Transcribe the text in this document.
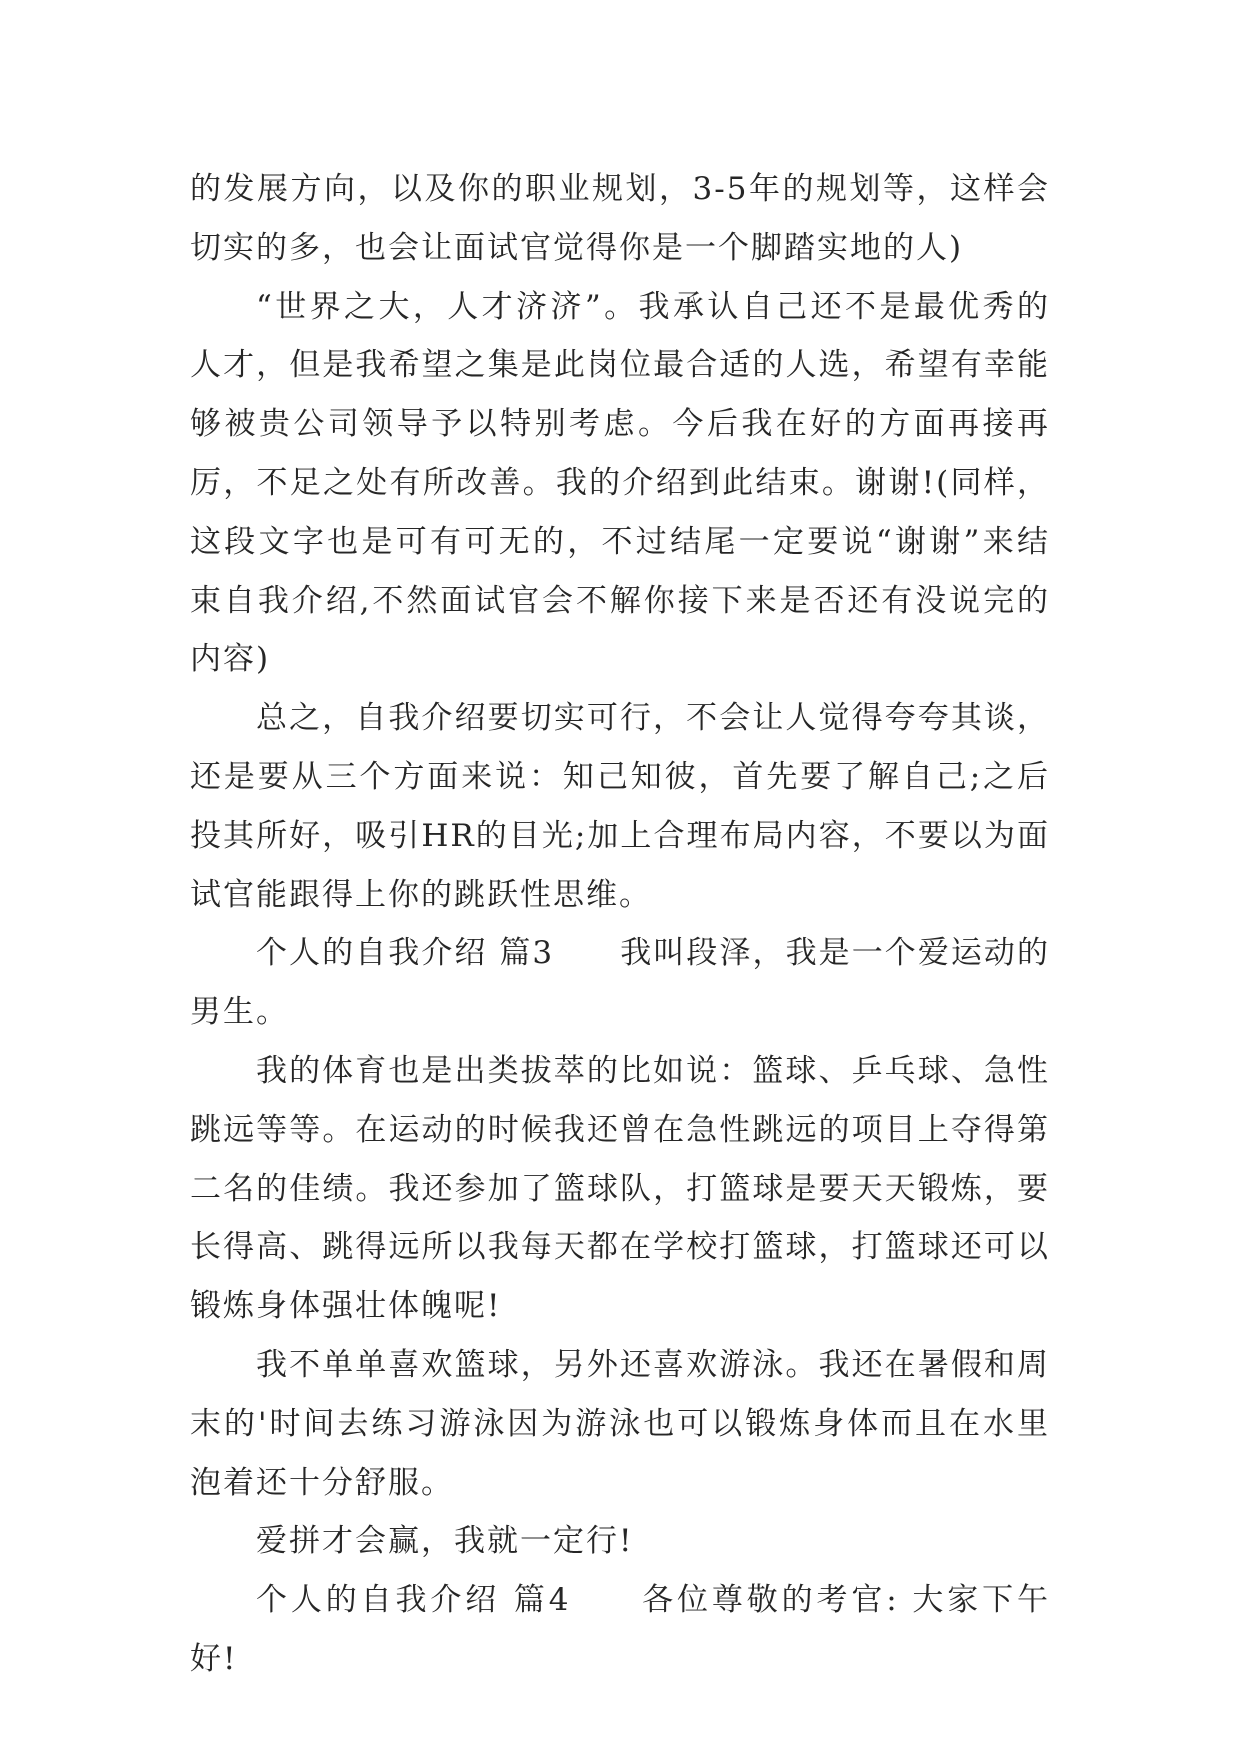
的发展方向，以及你的职业规划，3-5年的规划等，这样会切实的多，也会让面试官觉得你是一个脚踏实地的人)

“世界之大，人才济济”。我承认自己还不是最优秀的人才，但是我希望之集是此岗位最合适的人选，希望有幸能够被贵公司领导予以特别考虑。今后我在好的方面再接再厉，不足之处有所改善。我的介绍到此结束。谢谢!(同样，这段文字也是可有可无的，不过结尾一定要说“谢谢”来结束自我介绍,不然面试官会不解你接下来是否还有没说完的内容)

总之，自我介绍要切实可行，不会让人觉得夸夸其谈，还是要从三个方面来说：知己知彼，首先要了解自己;之后投其所好，吸引HR的目光;加上合理布局内容，不要以为面试官能跟得上你的跳跃性思维。

个人的自我介绍 篇3　　我叫段泽，我是一个爱运动的男生。

我的体育也是出类拔萃的比如说：篮球、乒乓球、急性跳远等等。在运动的时候我还曾在急性跳远的项目上夺得第二名的佳绩。我还参加了篮球队，打篮球是要天天锻炼，要长得高、跳得远所以我每天都在学校打篮球，打篮球还可以锻炼身体强壮体魄呢!

我不单单喜欢篮球，另外还喜欢游泳。我还在暑假和周末的'时间去练习游泳因为游泳也可以锻炼身体而且在水里泡着还十分舒服。

爱拼才会赢，我就一定行!

个人的自我介绍 篇4　　各位尊敬的考官: 大家下午好!
